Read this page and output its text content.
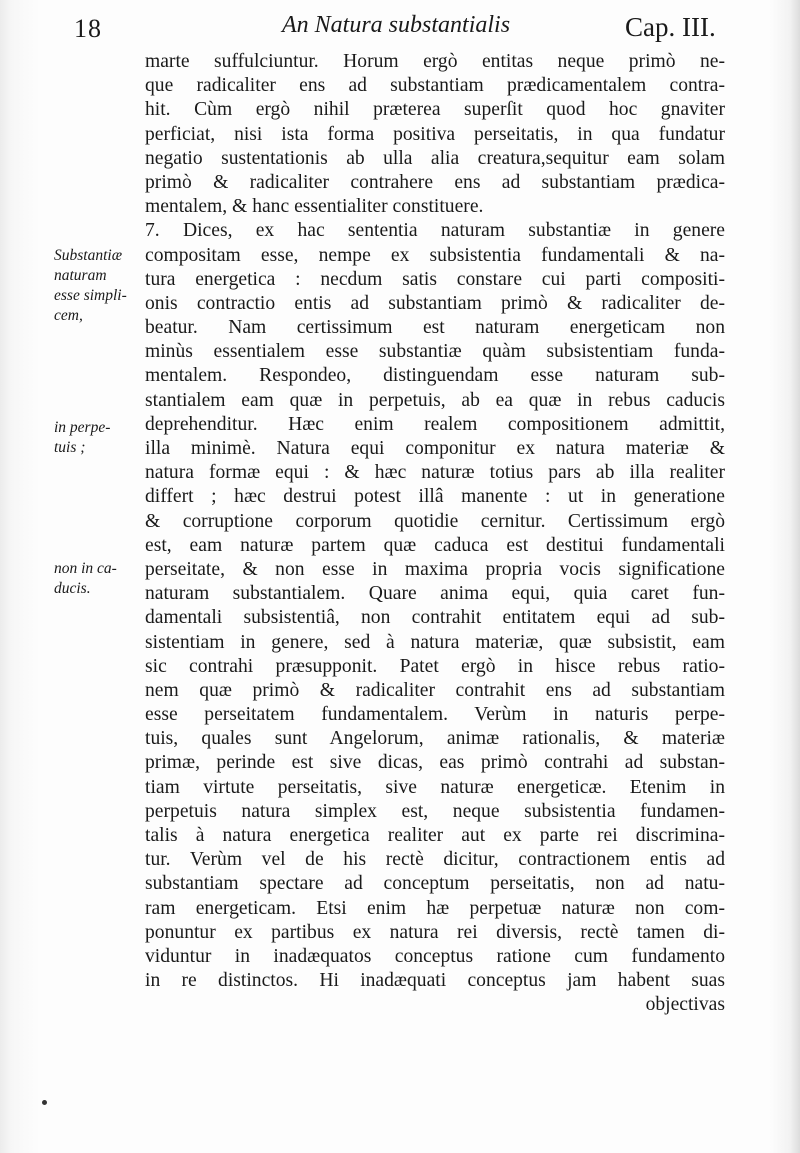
18	An Natura substantialis	Cap. III.
Substantiæ
naturam
esse simpli-
cem,
in perpe-
tuis ;
non in ca-
ducis.
marte suffulciuntur. Horum ergò entitas neque primò ne-
que radicaliter ens ad substantiam prædicamentalem contra-
hit. Cùm ergò nihil præterea superſit quod hoc gnaviter
perficiat, nisi ista forma positiva perseitatis, in qua fundatur
negatio sustentationis ab ulla alia creatura,sequitur eam solam
primò & radicaliter contrahere ens ad substantiam prædica-
mentalem, & hanc essentialiter constituere.
7. Dices, ex hac sententia naturam substantiæ in genere
compositam esse, nempe ex subsistentia fundamentali & na-
tura energetica : necdum satis constare cui parti compositi-
onis contractio entis ad substantiam primò & radicaliter de-
beatur. Nam certissimum est naturam energeticam non
minùs essentialem esse substantiæ quàm subsistentiam funda-
mentalem. Respondeo, distinguendam esse naturam sub-
stantialem eam quæ in perpetuis, ab ea quæ in rebus caducis
deprehenditur. Hæc enim realem compositionem admittit,
illa minimè. Natura equi componitur ex natura materiæ &
natura formæ equi : & hæc naturæ totius pars ab illa realiter
differt ; hæc destrui potest illâ manente : ut in generatione
& corruptione corporum quotidie cernitur. Certissimum ergò
est, eam naturæ partem quæ caduca est destitui fundamentali
perseitate, & non esse in maxima propria vocis significatione
naturam substantialem. Quare anima equi, quia caret fun-
damentali subsistentiâ, non contrahit entitatem equi ad sub-
sistentiam in genere, sed à natura materiæ, quæ subsistit, eam
sic contrahi præsupponit. Patet ergò in hisce rebus ratio-
nem quæ primò & radicaliter contrahit ens ad substantiam
esse perseitatem fundamentalem. Verùm in naturis perpe-
tuis, quales sunt Angelorum, animæ rationalis, & materiæ
primæ, perinde est sive dicas, eas primò contrahi ad substan-
tiam virtute perseitatis, sive naturæ energeticæ. Etenim in
perpetuis natura simplex est, neque subsistentia fundamen-
talis à natura energetica realiter aut ex parte rei discrimina-
tur. Verùm vel de his rectè dicitur, contractionem entis ad
substantiam spectare ad conceptum perseitatis, non ad natu-
ram energeticam. Etsi enim hæ perpetuæ naturæ non com-
ponuntur ex partibus ex natura rei diversis, rectè tamen di-
viduntur in inadæquatos conceptus ratione cum fundamento
in re distinctos. Hi inadæquati conceptus jam habent suas
objectivas
